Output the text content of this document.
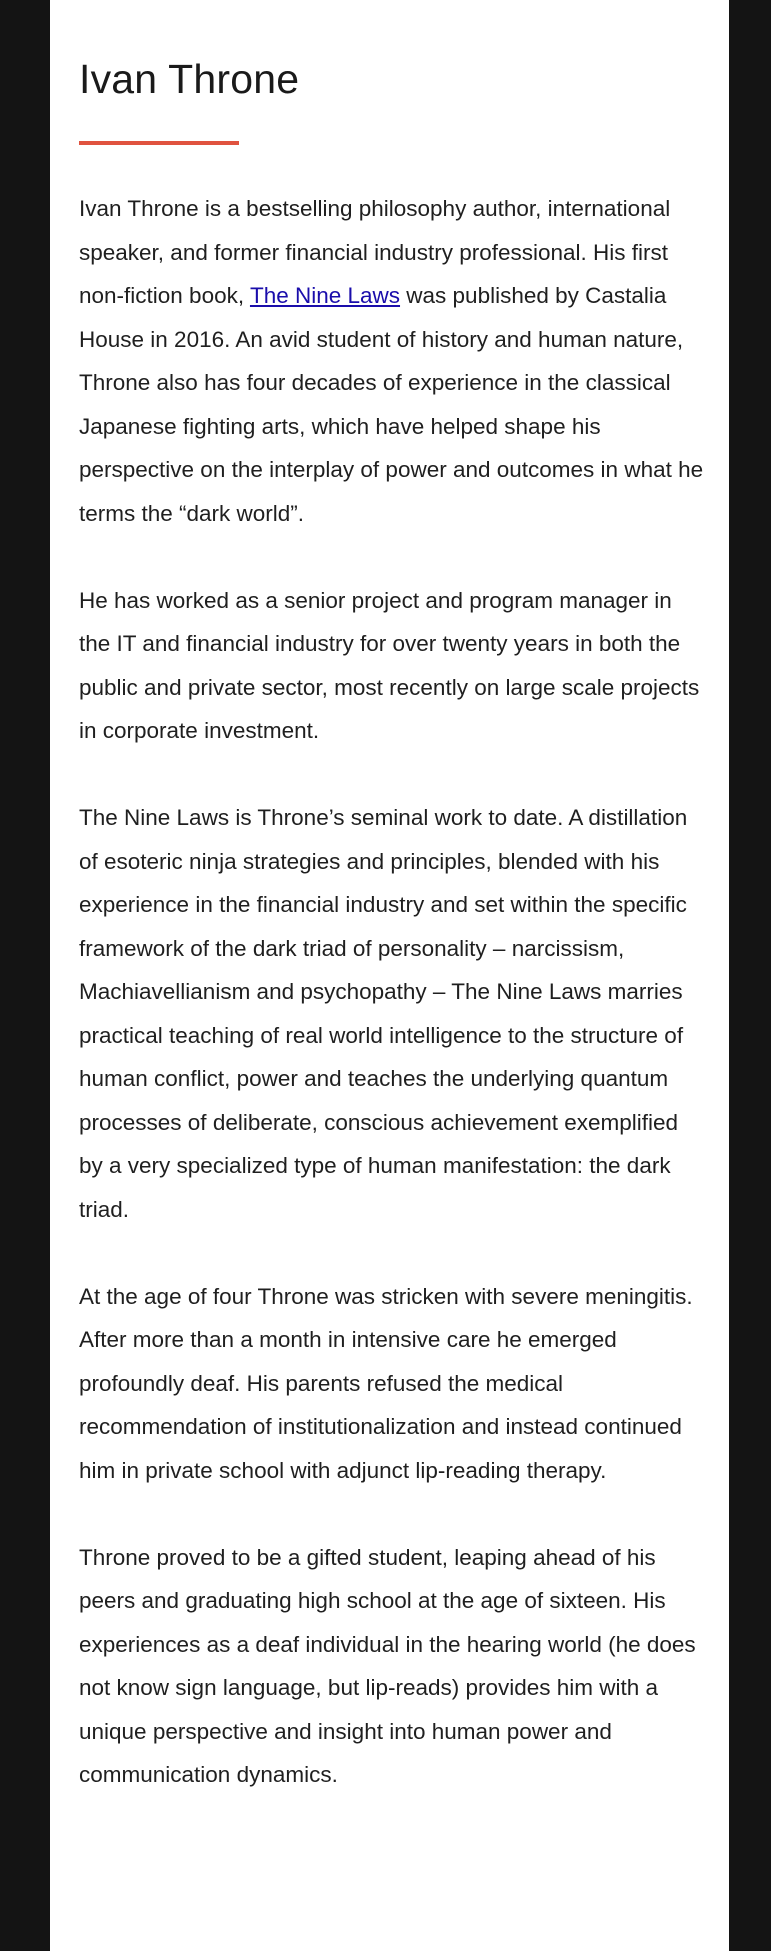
Ivan Throne

Ivan Throne is a bestselling philosophy author, international speaker, and former financial industry professional. His first non-fiction book, The Nine Laws was published by Castalia House in 2016. An avid student of history and human nature, Throne also has four decades of experience in the classical Japanese fighting arts, which have helped shape his perspective on the interplay of power and outcomes in what he terms the “dark world”.

He has worked as a senior project and program manager in the IT and financial industry for over twenty years in both the public and private sector, most recently on large scale projects in corporate investment.

The Nine Laws is Throne’s seminal work to date. A distillation of esoteric ninja strategies and principles, blended with his experience in the financial industry and set within the specific framework of the dark triad of personality – narcissism, Machiavellianism and psychopathy – The Nine Laws marries practical teaching of real world intelligence to the structure of human conflict, power and teaches the underlying quantum processes of deliberate, conscious achievement exemplified by a very specialized type of human manifestation: the dark triad.

At the age of four Throne was stricken with severe meningitis. After more than a month in intensive care he emerged profoundly deaf. His parents refused the medical recommendation of institutionalization and instead continued him in private school with adjunct lip-reading therapy.

Throne proved to be a gifted student, leaping ahead of his peers and graduating high school at the age of sixteen. His experiences as a deaf individual in the hearing world (he does not know sign language, but lip-reads) provides him with a unique perspective and insight into human power and communication dynamics.
